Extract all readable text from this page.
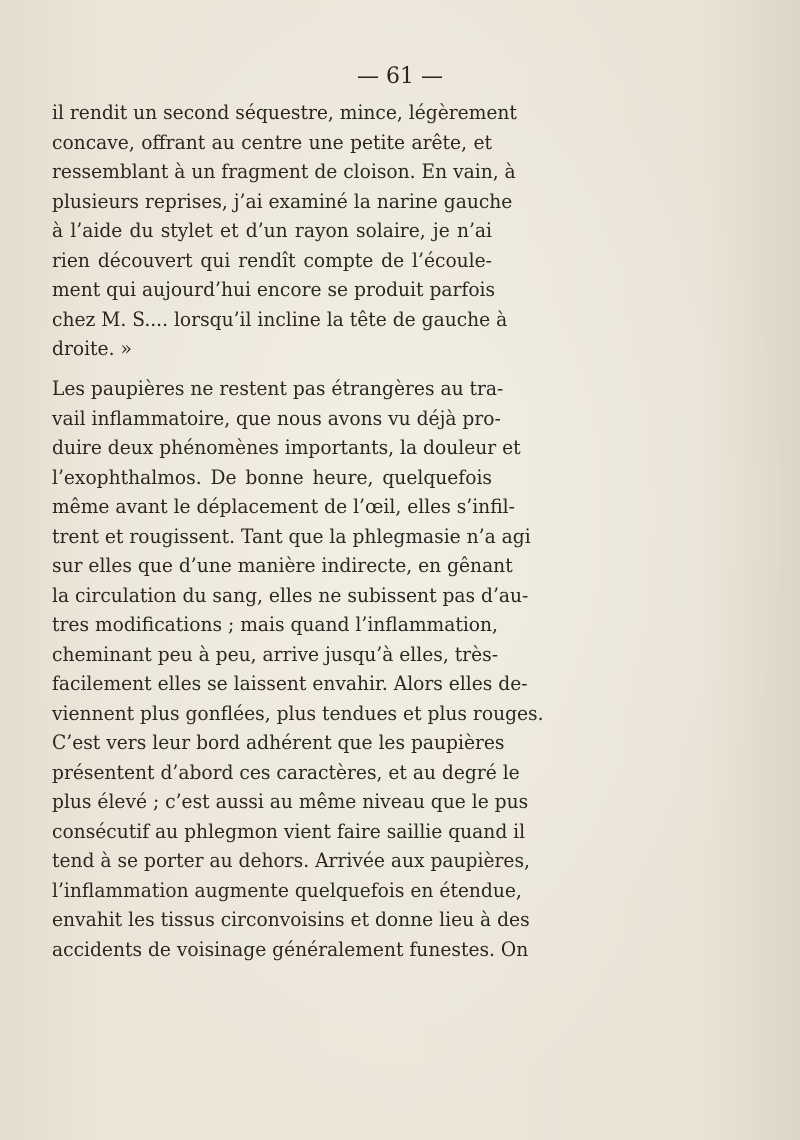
— 61 —
il rendit un second séquestre, mince, légèrement
concave, offrant au centre une petite arête, et
ressemblant à un fragment de cloison. En vain, à
plusieurs reprises, j’ai examiné la narine gauche
à l’aide du stylet et d’un rayon solaire, je n’ai
rien découvert qui rendît compte de l’écoule-
ment qui aujourd’hui encore se produit parfois
chez M. S.... lorsqu’il incline la tête de gauche à
droite. »
Les paupières ne restent pas étrangères au tra-
vail inflammatoire, que nous avons vu déjà pro-
duire deux phénomènes importants, la douleur et
l’exophthalmos. De bonne heure, quelquefois
même avant le déplacement de l’œil, elles s’infil-
trent et rougissent. Tant que la phlegmasie n’a agi
sur elles que d’une manière indirecte, en gênant
la circulation du sang, elles ne subissent pas d’au-
tres modifications ; mais quand l’inflammation,
cheminant peu à peu, arrive jusqu’à elles, très-
facilement elles se laissent envahir. Alors elles de-
viennent plus gonflées, plus tendues et plus rouges.
C’est vers leur bord adhérent que les paupières
présentent d’abord ces caractères, et au degré le
plus élevé ; c’est aussi au même niveau que le pus
consécutif au phlegmon vient faire saillie quand il
tend à se porter au dehors. Arrivée aux paupières,
l’inflammation augmente quelquefois en étendue,
envahit les tissus circonvoisins et donne lieu à des
accidents de voisinage généralement funestes. On
